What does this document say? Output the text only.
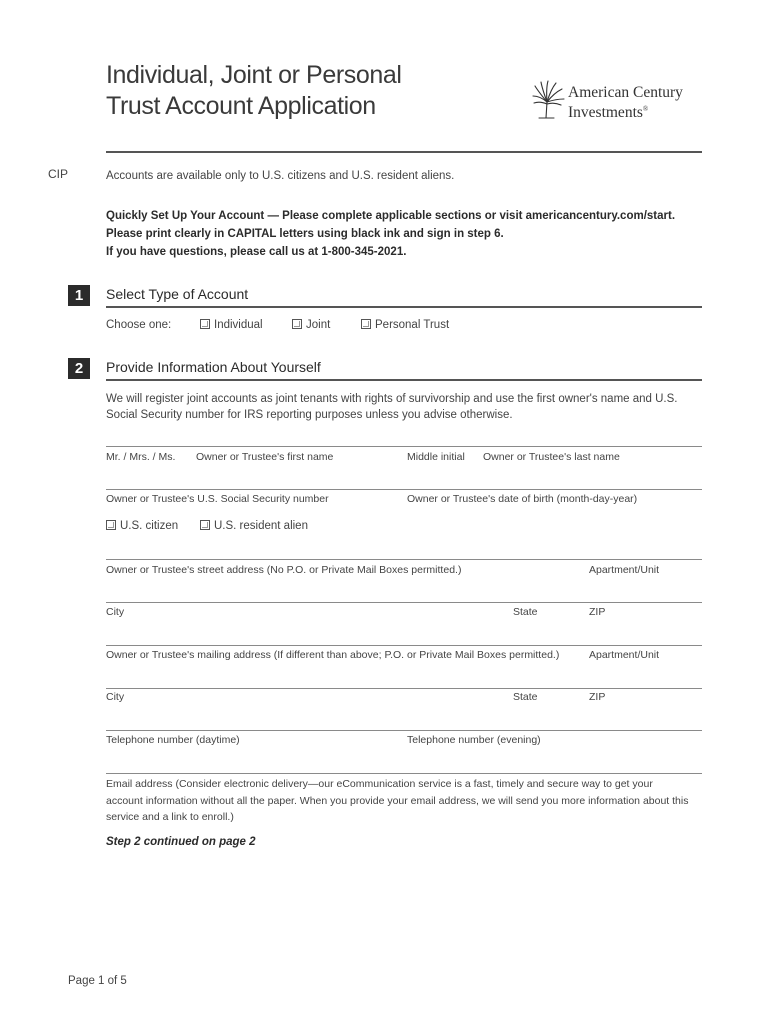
Individual, Joint or Personal
Trust Account Application	American Century
Investments®
CIP	Accounts are available only to U.S. citizens and U.S. resident aliens.
Quickly Set Up Your Account — Please complete applicable sections or visit americancentury.com/start.
Please print clearly in CAPITAL letters using black ink and sign in step 6.
If you have questions, please call us at 1-800-345-2021.
1	Select Type of Account
Choose one:	Individual	Joint	Personal Trust
2	Provide Information About Yourself
We will register joint accounts as joint tenants with rights of survivorship and use the first owner's name and U.S.
Social Security number for IRS reporting purposes unless you advise otherwise.
Mr. / Mrs. / Ms. Owner or Trustee's first name	Middle initial Owner or Trustee's last name
Owner or Trustee's U.S. Social Security number	Owner or Trustee's date of birth (month-day-year)
U.S. citizen	U.S. resident alien
Owner or Trustee's street address (No P.O. or Private Mail Boxes permitted.)	Apartment/Unit
City	State	ZIP
Owner or Trustee's mailing address (If different than above; P.O. or Private Mail Boxes permitted.)	Apartment/Unit
City	State	ZIP
Telephone number (daytime)	Telephone number (evening)
Email address (Consider electronic delivery—our eCommunication service is a fast, timely and secure way to get your
account information without all the paper. When you provide your email address, we will send you more information about this
service and a link to enroll.)
Step 2 continued on page 2
Page 1 of 5
